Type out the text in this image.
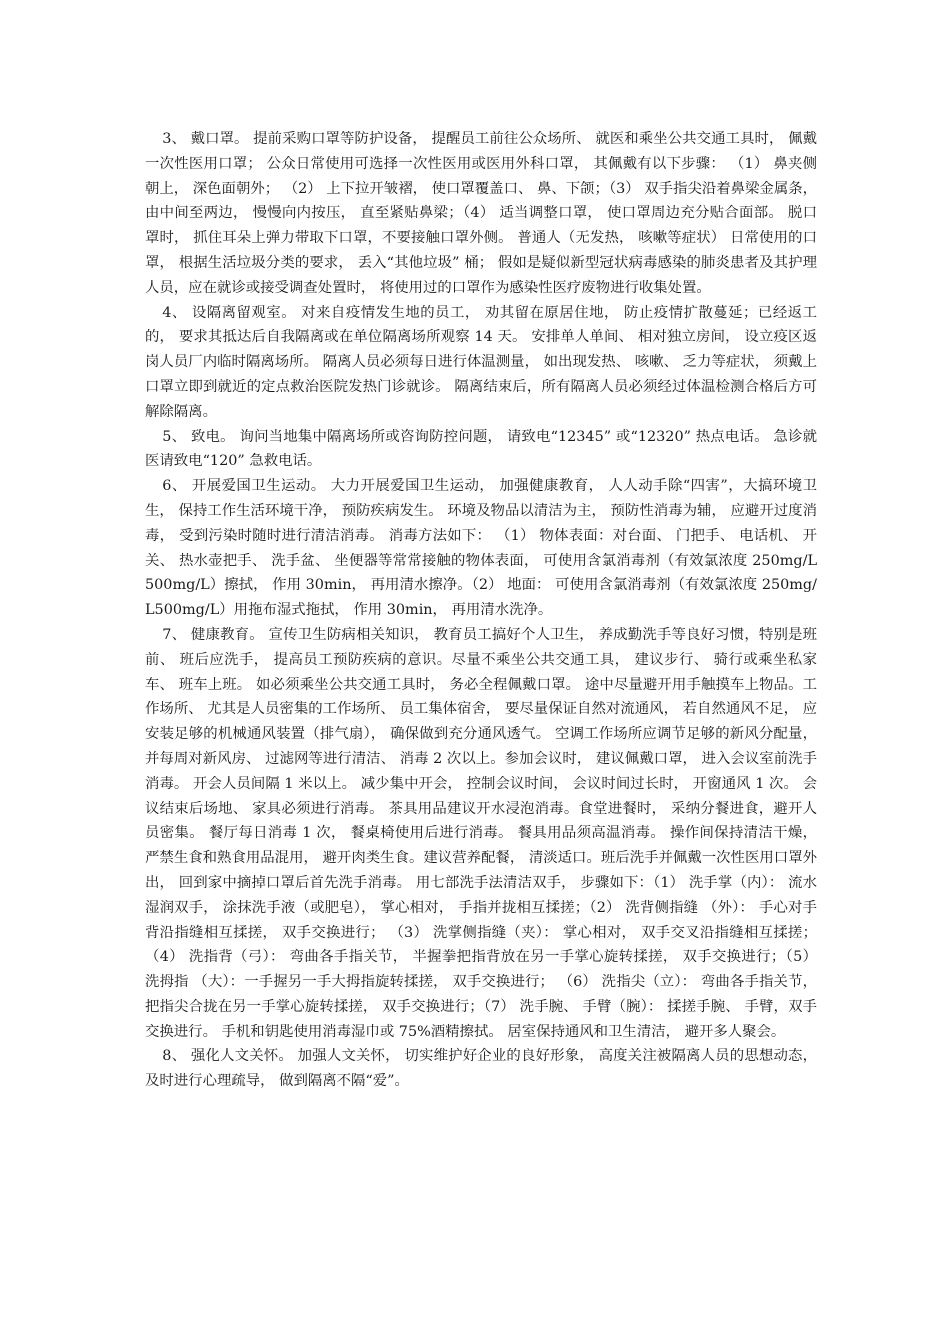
3、 戴口罩。 提前采购口罩等防护设备， 提醒员工前往公众场所、 就医和乘坐公共交通工具时， 佩戴一次性医用口罩； 公众日常使用可选择一次性医用或医用外科口罩， 其佩戴有以下步骤： （1） 鼻夹侧朝上， 深色面朝外； （2） 上下拉开皱褶， 使口罩覆盖口、 鼻、下颌；（3） 双手指尖沿着鼻梁金属条， 由中间至两边， 慢慢向内按压， 直至紧贴鼻梁；（4） 适当调整口罩， 使口罩周边充分贴合面部。 脱口罩时， 抓住耳朵上弹力带取下口罩，不要接触口罩外侧。 普通人（无发热， 咳嗽等症状） 日常使用的口罩， 根据生活垃圾分类的要求， 丢入“其他垃圾” 桶； 假如是疑似新型冠状病毒感染的肺炎患者及其护理人员，应在就诊或接受调查处置时， 将使用过的口罩作为感染性医疗废物进行收集处置。

4、 设隔离留观室。 对来自疫情发生地的员工， 劝其留在原居住地， 防止疫情扩散蔓延；已经返工的， 要求其抵达后自我隔离或在单位隔离场所观察 14 天。 安排单人单间、 相对独立房间， 设立疫区返岗人员厂内临时隔离场所。 隔离人员必须每日进行体温测量， 如出现发热、 咳嗽、 乏力等症状， 须戴上口罩立即到就近的定点救治医院发热门诊就诊。 隔离结束后，所有隔离人员必须经过体温检测合格后方可解除隔离。

5、 致电。 询问当地集中隔离场所或咨询防控问题， 请致电“12345” 或“12320” 热点电话。 急诊就医请致电“120” 急救电话。

6、 开展爱国卫生运动。 大力开展爱国卫生运动， 加强健康教育， 人人动手除“四害”，大搞环境卫生， 保持工作生活环境干净， 预防疾病发生。 环境及物品以清洁为主， 预防性消毒为辅， 应避开过度消毒， 受到污染时随时进行清洁消毒。 消毒方法如下： （1） 物体表面：对台面、 门把手、 电话机、 开关、 热水壶把手、 洗手盆、 坐便器等常常接触的物体表面， 可使用含氯消毒剂（有效氯浓度 250mg/L500mg/L）擦拭， 作用 30min， 再用清水擦净。（2） 地面： 可使用含氯消毒剂（有效氯浓度 250mg/L500mg/L）用拖布湿式拖拭， 作用 30min， 再用清水洗净。

7、 健康教育。 宣传卫生防病相关知识， 教育员工搞好个人卫生， 养成勤洗手等良好习惯，特别是班前、 班后应洗手， 提高员工预防疾病的意识。尽量不乘坐公共交通工具， 建议步行、 骑行或乘坐私家车、 班车上班。 如必须乘坐公共交通工具时， 务必全程佩戴口罩。 途中尽量避开用手触摸车上物品。工作场所、 尤其是人员密集的工作场所、 员工集体宿舍， 要尽量保证自然对流通风， 若自然通风不足， 应安装足够的机械通风装置（排气扇）， 确保做到充分通风透气。 空调工作场所应调节足够的新风分配量， 并每周对新风房、 过滤网等进行清洁、 消毒 2 次以上。参加会议时， 建议佩戴口罩， 进入会议室前洗手消毒。 开会人员间隔 1 米以上。 减少集中开会， 控制会议时间， 会议时间过长时， 开窗通风 1 次。 会议结束后场地、 家具必须进行消毒。 茶具用品建议开水浸泡消毒。食堂进餐时， 采纳分餐进食，避开人员密集。 餐厅每日消毒 1 次， 餐桌椅使用后进行消毒。 餐具用品须高温消毒。 操作间保持清洁干燥， 严禁生食和熟食用品混用， 避开肉类生食。建议营养配餐， 清淡适口。班后洗手并佩戴一次性医用口罩外出， 回到家中摘掉口罩后首先洗手消毒。 用七部洗手法清洁双手， 步骤如下：（1） 洗手掌（内）： 流水湿润双手， 涂抹洗手液（或肥皂）， 掌心相对， 手指并拢相互揉搓；（2） 洗背侧指缝 （外）： 手心对手背沿指缝相互揉搓， 双手交换进行； （3） 洗掌侧指缝（夹）： 掌心相对， 双手交叉沿指缝相互揉搓； （4） 洗指背（弓）： 弯曲各手指关节， 半握拳把指背放在另一手掌心旋转揉搓， 双手交换进行；（5） 洗拇指 （大）：一手握另一手大拇指旋转揉搓， 双手交换进行； （6） 洗指尖（立）： 弯曲各手指关节， 把指尖合拢在另一手掌心旋转揉搓， 双手交换进行；（7） 洗手腕、 手臂（腕）： 揉搓手腕、 手臂，双手交换进行。 手机和钥匙使用消毒湿巾或 75%酒精擦拭。 居室保持通风和卫生清洁， 避开多人聚会。

8、 强化人文关怀。 加强人文关怀， 切实维护好企业的良好形象， 高度关注被隔离人员的思想动态， 及时进行心理疏导， 做到隔离不隔“爱”。
